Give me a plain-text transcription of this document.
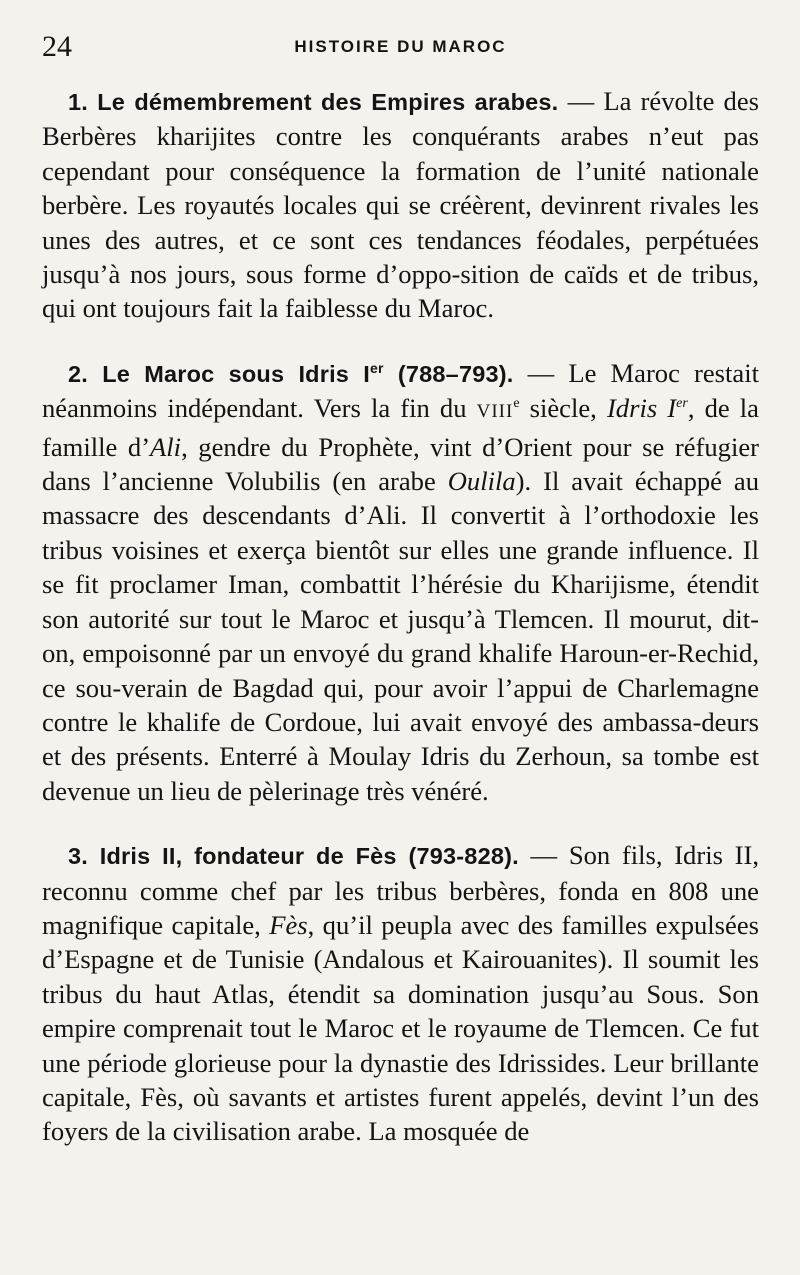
24	HISTOIRE DU MAROC

1. Le démembrement des Empires arabes. — La révolte des Berbères kharijites contre les conquérants arabes n’eut pas cependant pour conséquence la formation de l’unité nationale berbère. Les royautés locales qui se créèrent, devinrent rivales les unes des autres, et ce sont ces tendances féodales, perpétuées jusqu’à nos jours, sous forme d’oppo-sition de caïds et de tribus, qui ont toujours fait la faiblesse du Maroc.

2. Le Maroc sous Idris Ier (788–793). — Le Maroc restait néanmoins indépendant. Vers la fin du VIIIe siècle, Idris Ier, de la famille d’Ali, gendre du Prophète, vint d’Orient pour se réfugier dans l’ancienne Volubilis (en arabe Oulila). Il avait échappé au massacre des descendants d’Ali. Il convertit à l’orthodoxie les tribus voisines et exerça bientôt sur elles une grande influence. Il se fit proclamer Iman, combattit l’hérésie du Kharijisme, étendit son autorité sur tout le Maroc et jusqu’à Tlemcen. Il mourut, dit-on, empoisonné par un envoyé du grand khalife Haroun-er-Rechid, ce sou-verain de Bagdad qui, pour avoir l’appui de Charlemagne contre le khalife de Cordoue, lui avait envoyé des ambassa-deurs et des présents. Enterré à Moulay Idris du Zerhoun, sa tombe est devenue un lieu de pèlerinage très vénéré.

3. Idris II, fondateur de Fès (793-828). — Son fils, Idris II, reconnu comme chef par les tribus berbères, fonda en 808 une magnifique capitale, Fès, qu’il peupla avec des familles expulsées d’Espagne et de Tunisie (Andalous et Kairouanites). Il soumit les tribus du haut Atlas, étendit sa domination jusqu’au Sous. Son empire comprenait tout le Maroc et le royaume de Tlemcen. Ce fut une période glorieuse pour la dynastie des Idrissides. Leur brillante capitale, Fès, où savants et artistes furent appelés, devint l’un des foyers de la civilisation arabe. La mosquée de
